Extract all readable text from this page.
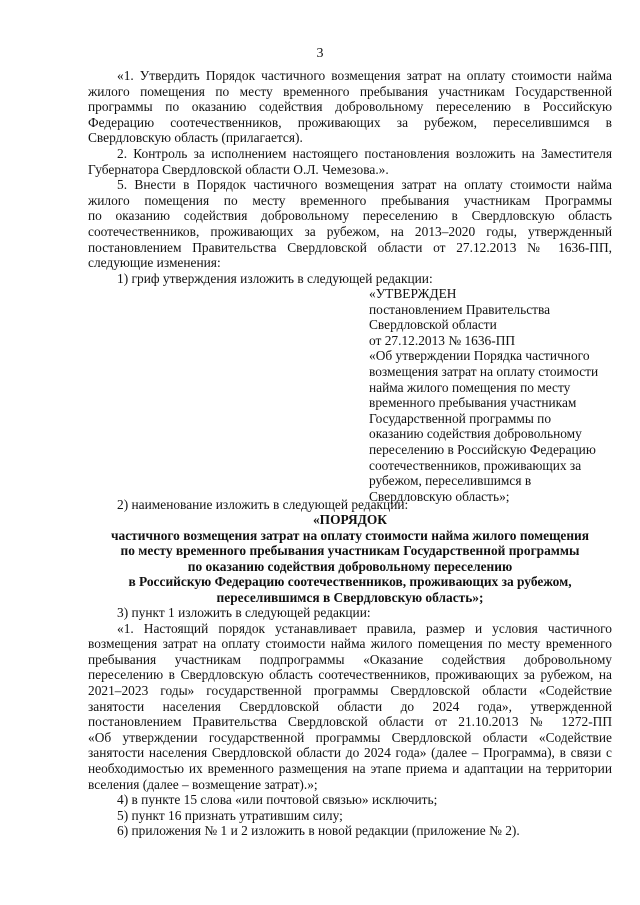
3
«1. Утвердить Порядок частичного возмещения затрат на оплату стоимости найма
жилого помещения по месту временного пребывания участникам Государственной
программы по оказанию содействия добровольному переселению в Российскую
Федерацию соотечественников, проживающих за рубежом, переселившимся в
Свердловскую область (прилагается).
2. Контроль за исполнением настоящего постановления возложить на Заместителя
Губернатора Свердловской области О.Л. Чемезова.».
5. Внести в Порядок частичного возмещения затрат на оплату стоимости найма
жилого помещения по месту временного пребывания участникам Программы
по оказанию содействия добровольному переселению в Свердловскую область
соотечественников, проживающих за рубежом, на 2013–2020 годы, утвержденный
постановлением Правительства Свердловской области от 27.12.2013 № 1636-ПП,
следующие изменения:
1) гриф утверждения изложить в следующей редакции:
«УТВЕРЖДЕН
постановлением Правительства
Свердловской области
от 27.12.2013 № 1636-ПП
«Об утверждении Порядка частичного
возмещения затрат на оплату стоимости
найма жилого помещения по месту
временного пребывания участникам
Государственной программы по
оказанию содействия добровольному
переселению в Российскую Федерацию
соотечественников, проживающих за
рубежом, переселившимся в
Свердловскую область»;
2) наименование изложить в следующей редакции:
«ПОРЯДОК
частичного возмещения затрат на оплату стоимости найма жилого помещения
по месту временного пребывания участникам Государственной программы
по оказанию содействия добровольному переселению
в Российскую Федерацию соотечественников, проживающих за рубежом,
переселившимся в Свердловскую область»;
3) пункт 1 изложить в следующей редакции:
«1. Настоящий порядок устанавливает правила, размер и условия частичного
возмещения затрат на оплату стоимости найма жилого помещения по месту временного
пребывания участникам подпрограммы «Оказание содействия добровольному
переселению в Свердловскую область соотечественников, проживающих за рубежом, на
2021–2023 годы» государственной программы Свердловской области «Содействие
занятости населения Свердловской области до 2024 года», утвержденной
постановлением Правительства Свердловской области от 21.10.2013 № 1272-ПП
«Об утверждении государственной программы Свердловской области «Содействие
занятости населения Свердловской области до 2024 года» (далее – Программа), в связи с
необходимостью их временного размещения на этапе приема и адаптации на территории
вселения (далее – возмещение затрат).»;
4) в пункте 15 слова «или почтовой связью» исключить;
5) пункт 16 признать утратившим силу;
6) приложения № 1 и 2 изложить в новой редакции (приложение № 2).
